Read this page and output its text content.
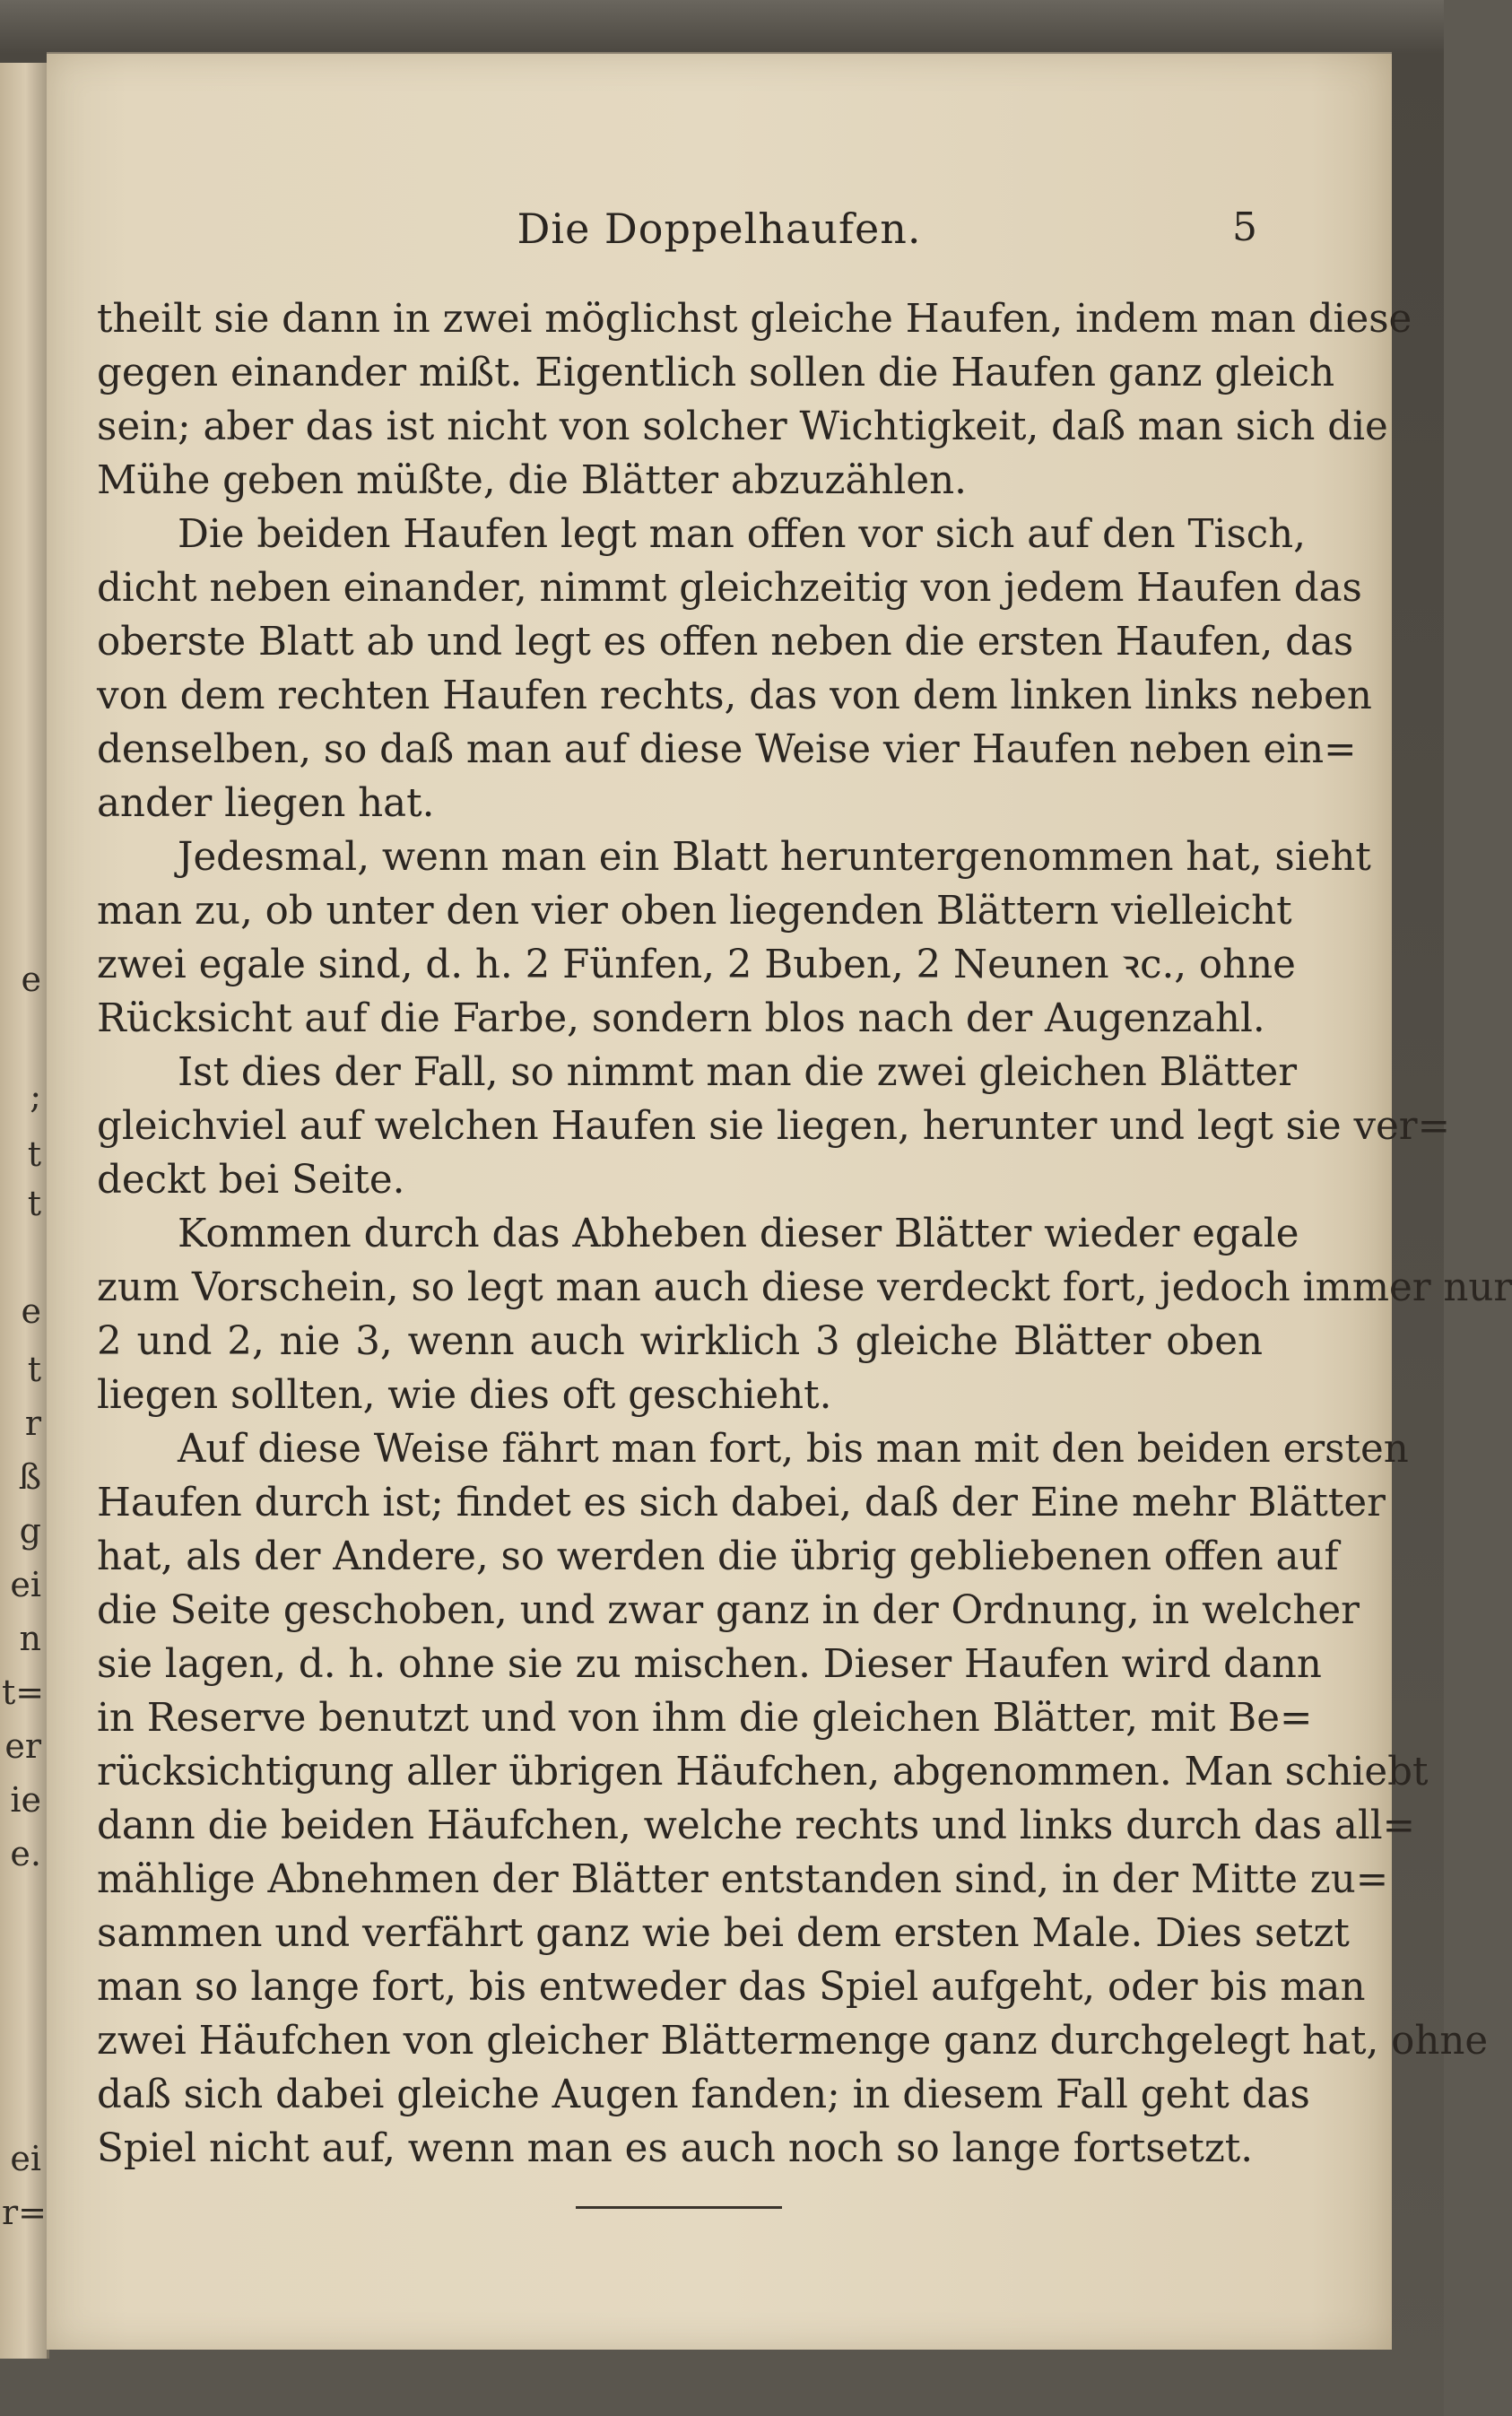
e
;
t
t
e
t
r
ß
g
ei
n
t=
er
ie
e.
ei
r=
Die Doppelhaufen.	5
theilt sie dann in zwei möglichst gleiche Haufen, indem man diese
gegen einander mißt. Eigentlich sollen die Haufen ganz gleich
sein; aber das ist nicht von solcher Wichtigkeit, daß man sich die
Mühe geben müßte, die Blätter abzuzählen.
Die beiden Haufen legt man offen vor sich auf den Tisch,
dicht neben einander, nimmt gleichzeitig von jedem Haufen das
oberste Blatt ab und legt es offen neben die ersten Haufen, das
von dem rechten Haufen rechts, das von dem linken links neben
denselben, so daß man auf diese Weise vier Haufen neben ein=
ander liegen hat.
Jedesmal, wenn man ein Blatt heruntergenommen hat, sieht
man zu, ob unter den vier oben liegenden Blättern vielleicht
zwei egale sind, d. h. 2 Fünfen, 2 Buben, 2 Neunen ꝛc., ohne
Rücksicht auf die Farbe, sondern blos nach der Augenzahl.
Ist dies der Fall, so nimmt man die zwei gleichen Blätter
gleichviel auf welchen Haufen sie liegen, herunter und legt sie ver=
deckt bei Seite.
Kommen durch das Abheben dieser Blätter wieder egale
zum Vorschein, so legt man auch diese verdeckt fort, jedoch immer nur
2 und 2, nie 3, wenn auch wirklich 3 gleiche Blätter oben
liegen sollten, wie dies oft geschieht.
Auf diese Weise fährt man fort, bis man mit den beiden ersten
Haufen durch ist; findet es sich dabei, daß der Eine mehr Blätter
hat, als der Andere, so werden die übrig gebliebenen offen auf
die Seite geschoben, und zwar ganz in der Ordnung, in welcher
sie lagen, d. h. ohne sie zu mischen. Dieser Haufen wird dann
in Reserve benutzt und von ihm die gleichen Blätter, mit Be=
rücksichtigung aller übrigen Häufchen, abgenommen. Man schiebt
dann die beiden Häufchen, welche rechts und links durch das all=
mählige Abnehmen der Blätter entstanden sind, in der Mitte zu=
sammen und verfährt ganz wie bei dem ersten Male. Dies setzt
man so lange fort, bis entweder das Spiel aufgeht, oder bis man
zwei Häufchen von gleicher Blättermenge ganz durchgelegt hat, ohne
daß sich dabei gleiche Augen fanden; in diesem Fall geht das
Spiel nicht auf, wenn man es auch noch so lange fortsetzt.
